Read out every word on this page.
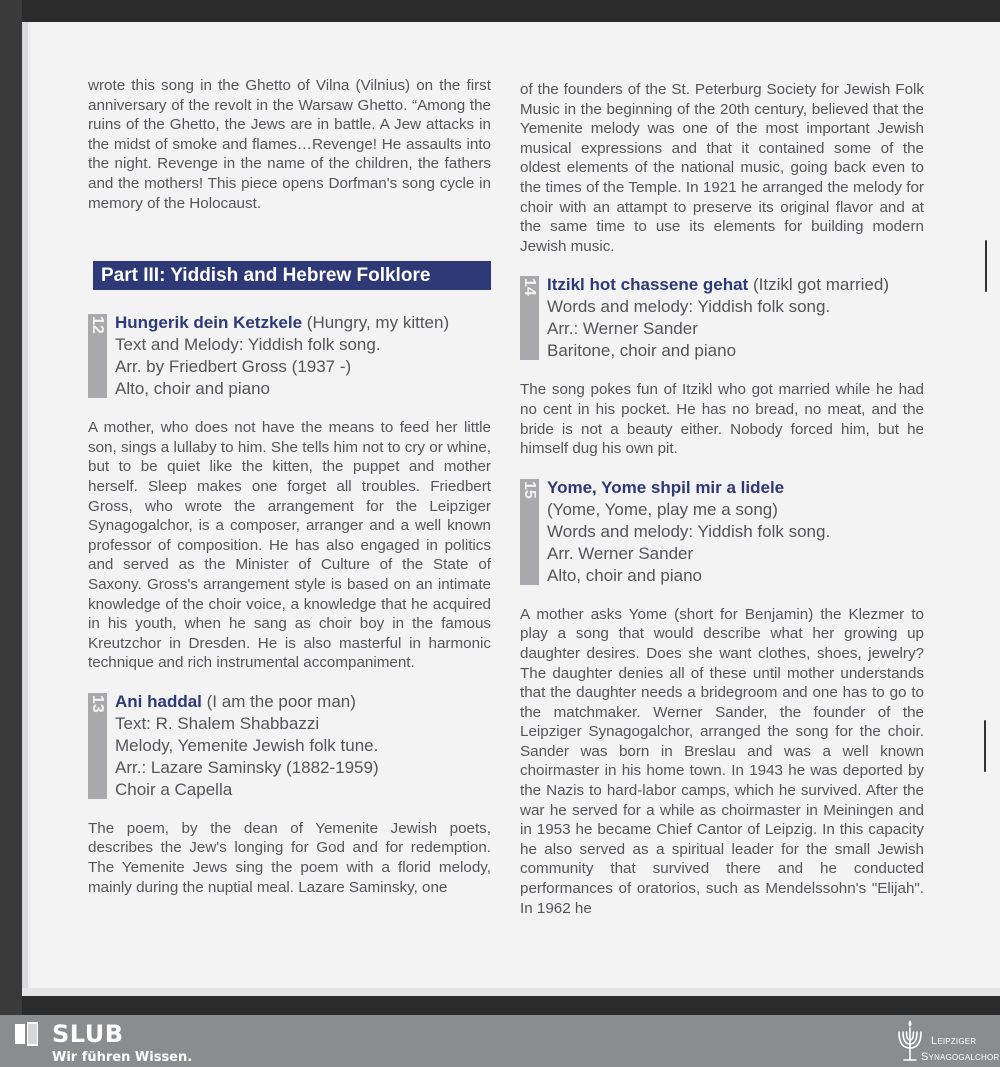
wrote this song in the Ghetto of Vilna (Vilnius) on the first anniversary of the revolt in the Warsaw Ghetto. “Among the ruins of the Ghetto, the Jews are in battle. A Jew attacks in the midst of smoke and flames…Revenge! He assaults into the night. Revenge in the name of the children, the fathers and the mothers! This piece opens Dorfman's song cycle in memory of the Holocaust.

Part III: Yiddish and Hebrew Folklore
12 Hungerik dein Ketzkele (Hungry, my kitten)
Text and Melody: Yiddish folk song.
Arr. by Friedbert Gross (1937 -)
Alto, choir and piano

A mother, who does not have the means to feed her little son, sings a lullaby to him. She tells him not to cry or whine, but to be quiet like the kitten, the puppet and mother herself. Sleep makes one forget all troubles. Friedbert Gross, who wrote the arrangement for the Leipziger Synagogalchor, is a composer, arranger and a well known professor of composition. He has also engaged in politics and served as the Minister of Culture of the State of Saxony. Gross's arrangement style is based on an intimate knowledge of the choir voice, a knowledge that he acquired in his youth, when he sang as choir boy in the famous Kreutzchor in Dresden. He is also masterful in harmonic technique and rich instrumental accompaniment.

13 Ani haddal (I am the poor man)
Text: R. Shalem Shabbazzi
Melody, Yemenite Jewish folk tune.
Arr.: Lazare Saminsky (1882-1959)
Choir a Capella

The poem, by the dean of Yemenite Jewish poets, describes the Jew's longing for God and for redemption. The Yemenite Jews sing the poem with a florid melody, mainly during the nuptial meal. Lazare Saminsky, one

of the founders of the St. Peterburg Society for Jewish Folk Music in the beginning of the 20th century, believed that the Yemenite melody was one of the most important Jewish musical expressions and that it contained some of the oldest elements of the national music, going back even to the times of the Temple. In 1921 he arranged the melody for choir with an attampt to preserve its original flavor and at the same time to use its elements for building modern Jewish music.

14 Itzikl hot chassene gehat (Itzikl got married)
Words and melody: Yiddish folk song.
Arr.: Werner Sander
Baritone, choir and piano

The song pokes fun of Itzikl who got married while he had no cent in his pocket. He has no bread, no meat, and the bride is not a beauty either. Nobody forced him, but he himself dug his own pit.

15 Yome, Yome shpil mir a lidele
(Yome, Yome, play me a song)
Words and melody: Yiddish folk song.
Arr. Werner Sander
Alto, choir and piano

A mother asks Yome (short for Benjamin) the Klezmer to play a song that would describe what her growing up daughter desires. Does she want clothes, shoes, jewelry? The daughter denies all of these until mother understands that the daughter needs a bridegroom and one has to go to the matchmaker. Werner Sander, the founder of the Leipziger Synagogalchor, arranged the song for the choir. Sander was born in Breslau and was a well known choirmaster in his home town. In 1943 he was deported by the Nazis to hard-labor camps, which he survived. After the war he served for a while as choirmaster in Meiningen and in 1953 he became Chief Cantor of Leipzig. In this capacity he also served as a spiritual leader for the small Jewish community that survived there and he conducted performances of oratorios, such as Mendelssohn's "Elijah". In 1962 he

SLUB
Wir führen Wissen.
Leipziger
Synagogalchor
